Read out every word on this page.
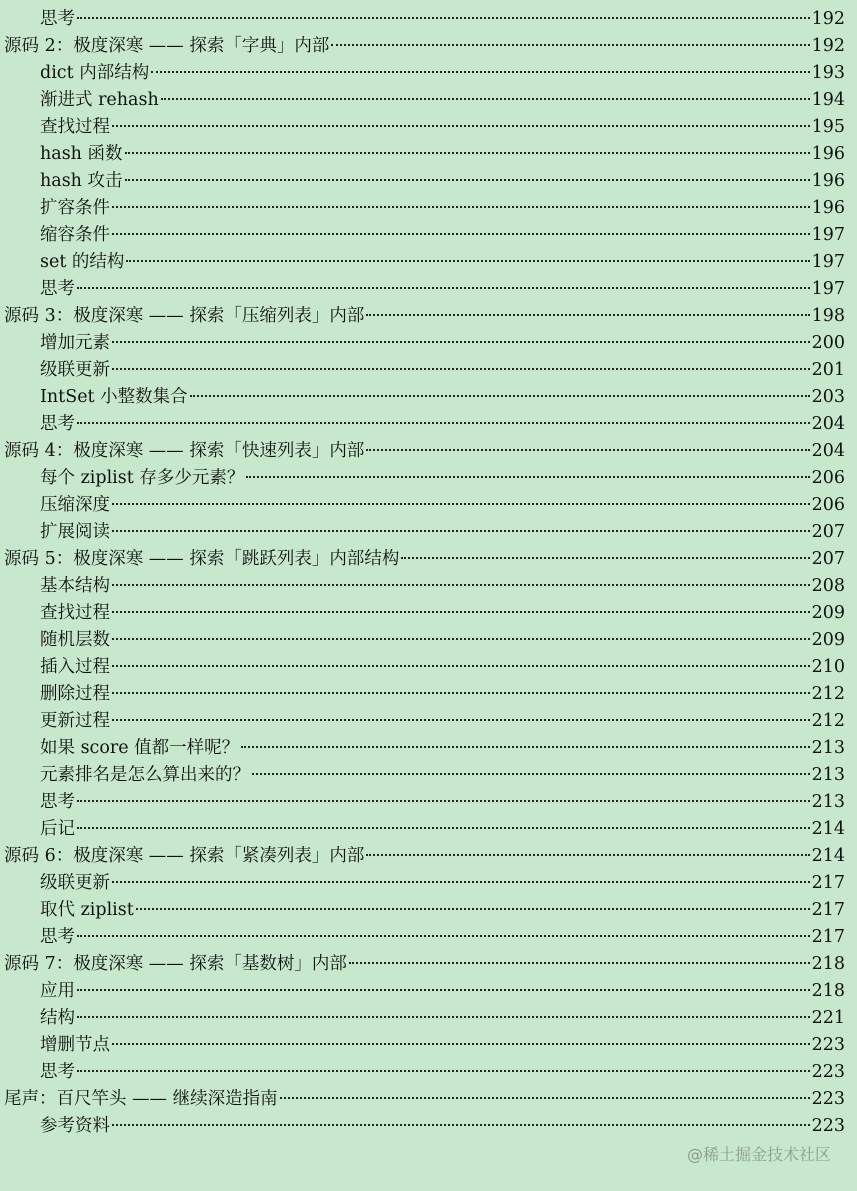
思考	192
源码 2：极度深寒 —— 探索「字典」内部	192
dict 内部结构	193
渐进式 rehash	194
查找过程	195
hash 函数	196
hash 攻击	196
扩容条件	196
缩容条件	197
set 的结构	197
思考	197
源码 3：极度深寒 —— 探索「压缩列表」内部	198
增加元素	200
级联更新	201
IntSet 小整数集合	203
思考	204
源码 4：极度深寒 —— 探索「快速列表」内部	204
每个 ziplist 存多少元素？	206
压缩深度	206
扩展阅读	207
源码 5：极度深寒 —— 探索「跳跃列表」内部结构	207
基本结构	208
查找过程	209
随机层数	209
插入过程	210
删除过程	212
更新过程	212
如果 score 值都一样呢？	213
元素排名是怎么算出来的？	213
思考	213
后记	214
源码 6：极度深寒 —— 探索「紧凑列表」内部	214
级联更新	217
取代 ziplist	217
思考	217
源码 7：极度深寒 —— 探索「基数树」内部	218
应用	218
结构	221
增删节点	223
思考	223
尾声：百尺竿头 —— 继续深造指南	223
参考资料	223
@稀土掘金技术社区
